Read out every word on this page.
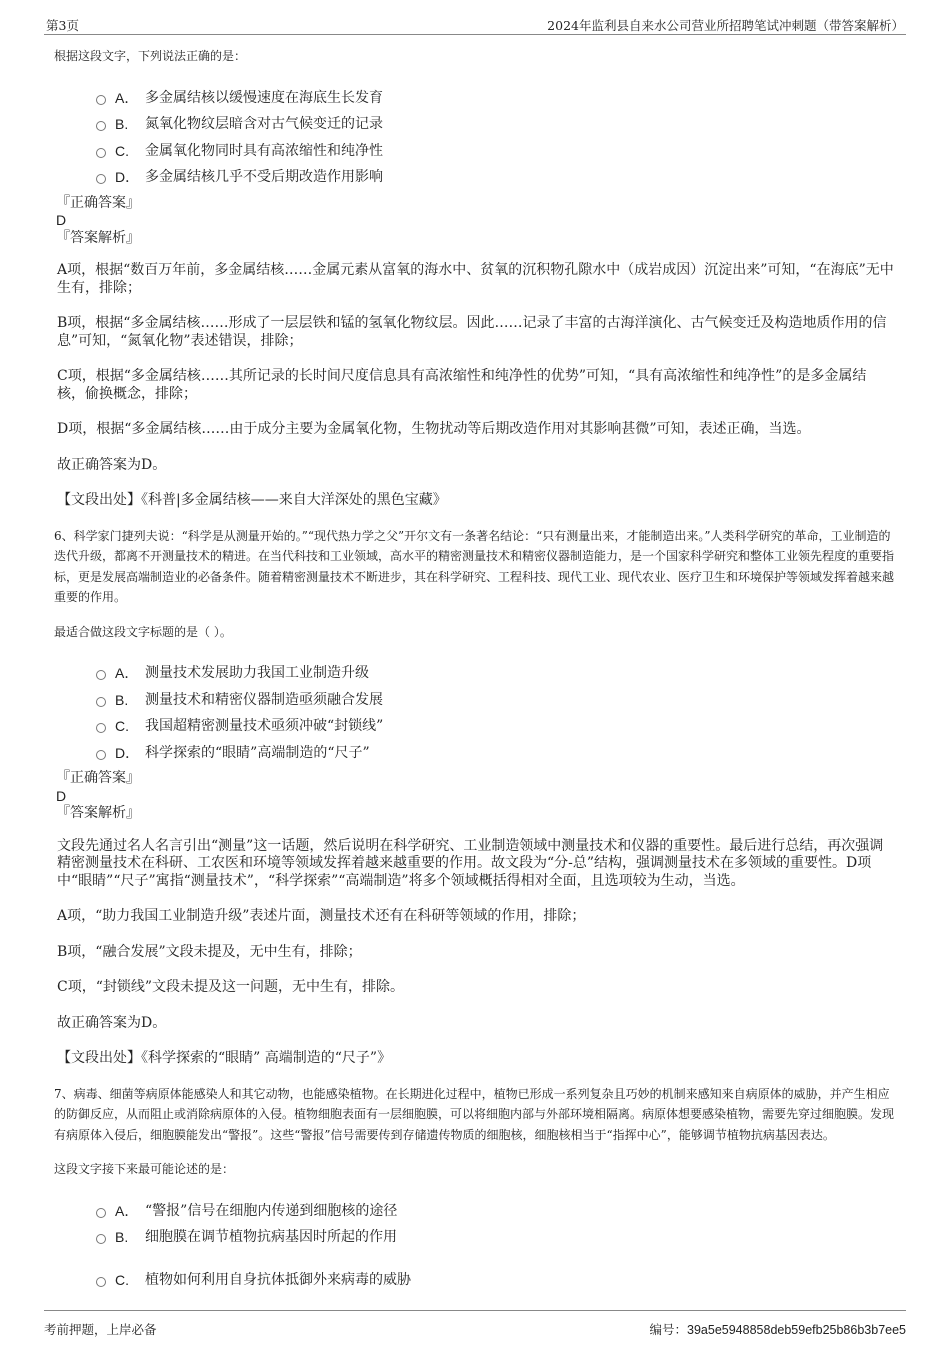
第3页	2024年监利县自来水公司营业所招聘笔试冲刺题（带答案解析）
根据这段文字，下列说法正确的是：
A． 多金属结核以缓慢速度在海底生长发育
B.	氮氧化物纹层暗含对古气候变迁的记录
C.	金属氧化物同时具有高浓缩性和纯净性
D． 多金属结核几乎不受后期改造作用影响
『正确答案』
D
『答案解析』
A项，根据“数百万年前，多金属结核……金属元素从富氧的海水中、贫氧的沉积物孔隙水中（成岩成因）沉淀出来”可知，“在海底”无中生有，排除；
B项，根据“多金属结核……形成了一层层铁和锰的氢氧化物纹层。因此……记录了丰富的古海洋演化、古气候变迁及构造地质作用的信息”可知，“氮氧化物”表述错误，排除；
C项，根据“多金属结核……其所记录的长时间尺度信息具有高浓缩性和纯净性的优势”可知，“具有高浓缩性和纯净性”的是多金属结核，偷换概念，排除；
D项，根据“多金属结核……由于成分主要为金属氧化物，生物扰动等后期改造作用对其影响甚微”可知，表述正确，当选。
故正确答案为D。
【文段出处】《科普|多金属结核——来自大洋深处的黑色宝藏》
6、科学家门捷列夫说：“科学是从测量开始的。”“现代热力学之父”开尔文有一条著名结论：“只有测量出来，才能制造出来。”人类科学研究的革命，工业制造的迭代升级，都离不开测量技术的精进。在当代科技和工业领域，高水平的精密测量技术和精密仪器制造能力，是一个国家科学研究和整体工业领先程度的重要指标，更是发展高端制造业的必备条件。随着精密测量技术不断进步，其在科学研究、工程科技、现代工业、现代农业、医疗卫生和环境保护等领域发挥着越来越重要的作用。
最适合做这段文字标题的是（ ）。
A． 测量技术发展助力我国工业制造升级
B.	测量技术和精密仪器制造亟须融合发展
C.	我国超精密测量技术亟须冲破“封锁线”
D． 科学探索的“眼睛”高端制造的“尺子”
『正确答案』
D
『答案解析』
文段先通过名人名言引出“测量”这一话题，然后说明在科学研究、工业制造领域中测量技术和仪器的重要性。最后进行总结，再次强调精密测量技术在科研、工农医和环境等领域发挥着越来越重要的作用。故文段为“分-总”结构，强调测量技术在多领域的重要性。D项中“眼睛”“尺子”寓指“测量技术”，“科学探索”“高端制造”将多个领域概括得相对全面，且选项较为生动，当选。
A项，“助力我国工业制造升级”表述片面，测量技术还有在科研等领域的作用，排除；
B项，“融合发展”文段未提及，无中生有，排除；
C项，“封锁线”文段未提及这一问题，无中生有，排除。
故正确答案为D。
【文段出处】《科学探索的“眼睛” 高端制造的“尺子”》
7、病毒、细菌等病原体能感染人和其它动物，也能感染植物。在长期进化过程中，植物已形成一系列复杂且巧妙的机制来感知来自病原体的威胁，并产生相应的防御反应，从而阻止或消除病原体的入侵。植物细胞表面有一层细胞膜，可以将细胞内部与外部环境相隔离。病原体想要感染植物，需要先穿过细胞膜。发现有病原体入侵后，细胞膜能发出“警报”。这些“警报”信号需要传到存储遗传物质的细胞核，细胞核相当于“指挥中心”，能够调节植物抗病基因表达。
这段文字接下来最可能论述的是：
A． “警报”信号在细胞内传递到细胞核的途径
B.	细胞膜在调节植物抗病基因时所起的作用
C.	植物如何利用自身抗体抵御外来病毒的威胁
考前押题，上岸必备	编号：39a5e5948858deb59efb25b86b3b7ee5
